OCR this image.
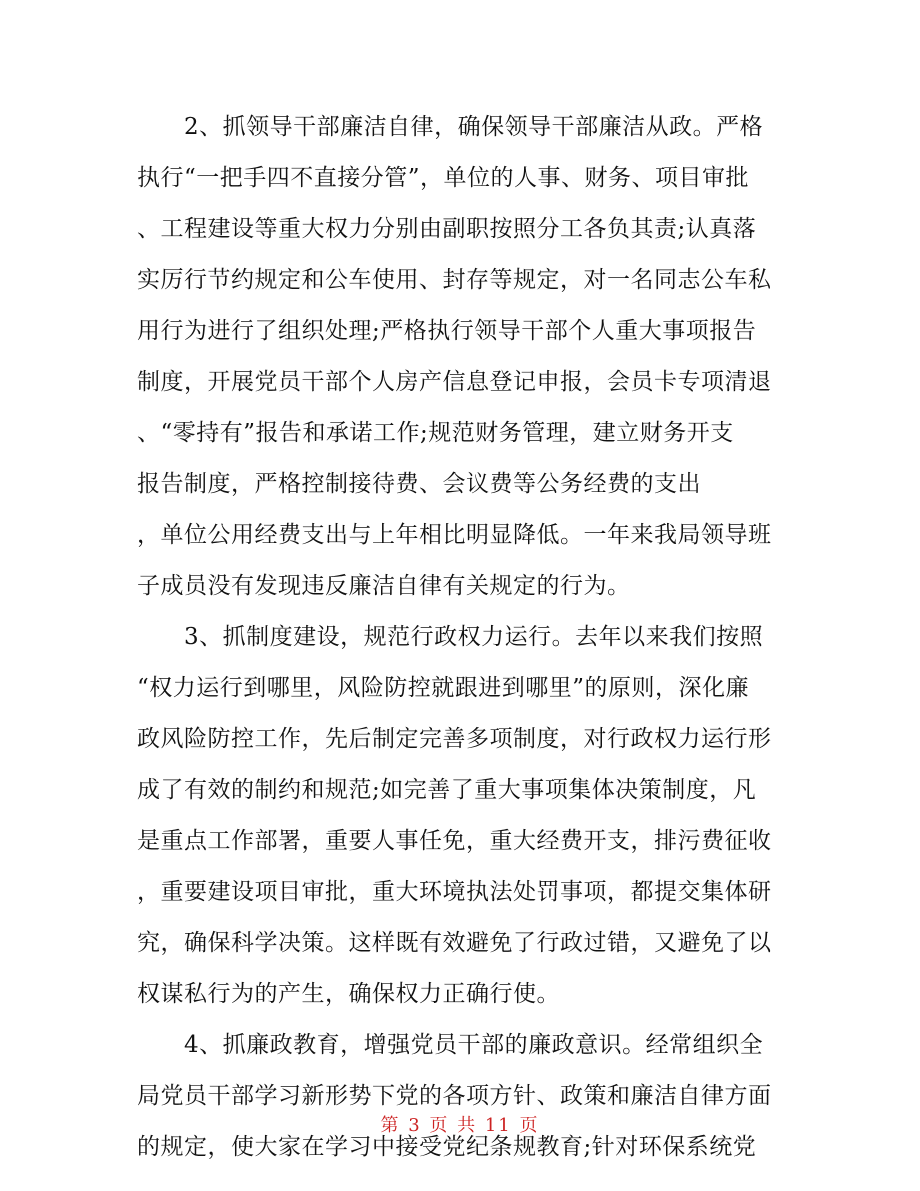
　　2、抓领导干部廉洁自律，确保领导干部廉洁从政。严格
执行“一把手四不直接分管”，单位的人事、财务、项目审批
、工程建设等重大权力分别由副职按照分工各负其责;认真落
实厉行节约规定和公车使用、封存等规定，对一名同志公车私
用行为进行了组织处理;严格执行领导干部个人重大事项报告
制度，开展党员干部个人房产信息登记申报，会员卡专项清退
、“零持有”报告和承诺工作;规范财务管理，建立财务开支
报告制度，严格控制接待费、会议费等公务经费的支出
，单位公用经费支出与上年相比明显降低。一年来我局领导班
子成员没有发现违反廉洁自律有关规定的行为。
　　3、抓制度建设，规范行政权力运行。去年以来我们按照
“权力运行到哪里，风险防控就跟进到哪里”的原则，深化廉
政风险防控工作，先后制定完善多项制度，对行政权力运行形
成了有效的制约和规范;如完善了重大事项集体决策制度，凡
是重点工作部署，重要人事任免，重大经费开支，排污费征收
，重要建设项目审批，重大环境执法处罚事项，都提交集体研
究，确保科学决策。这样既有效避免了行政过错，又避免了以
权谋私行为的产生，确保权力正确行使。
　　4、抓廉政教育，增强党员干部的廉政意识。经常组织全
局党员干部学习新形势下党的各项方针、政策和廉洁自律方面
的规定，使大家在学习中接受党纪条规教育;针对环保系统党
第 3 页 共 11 页
